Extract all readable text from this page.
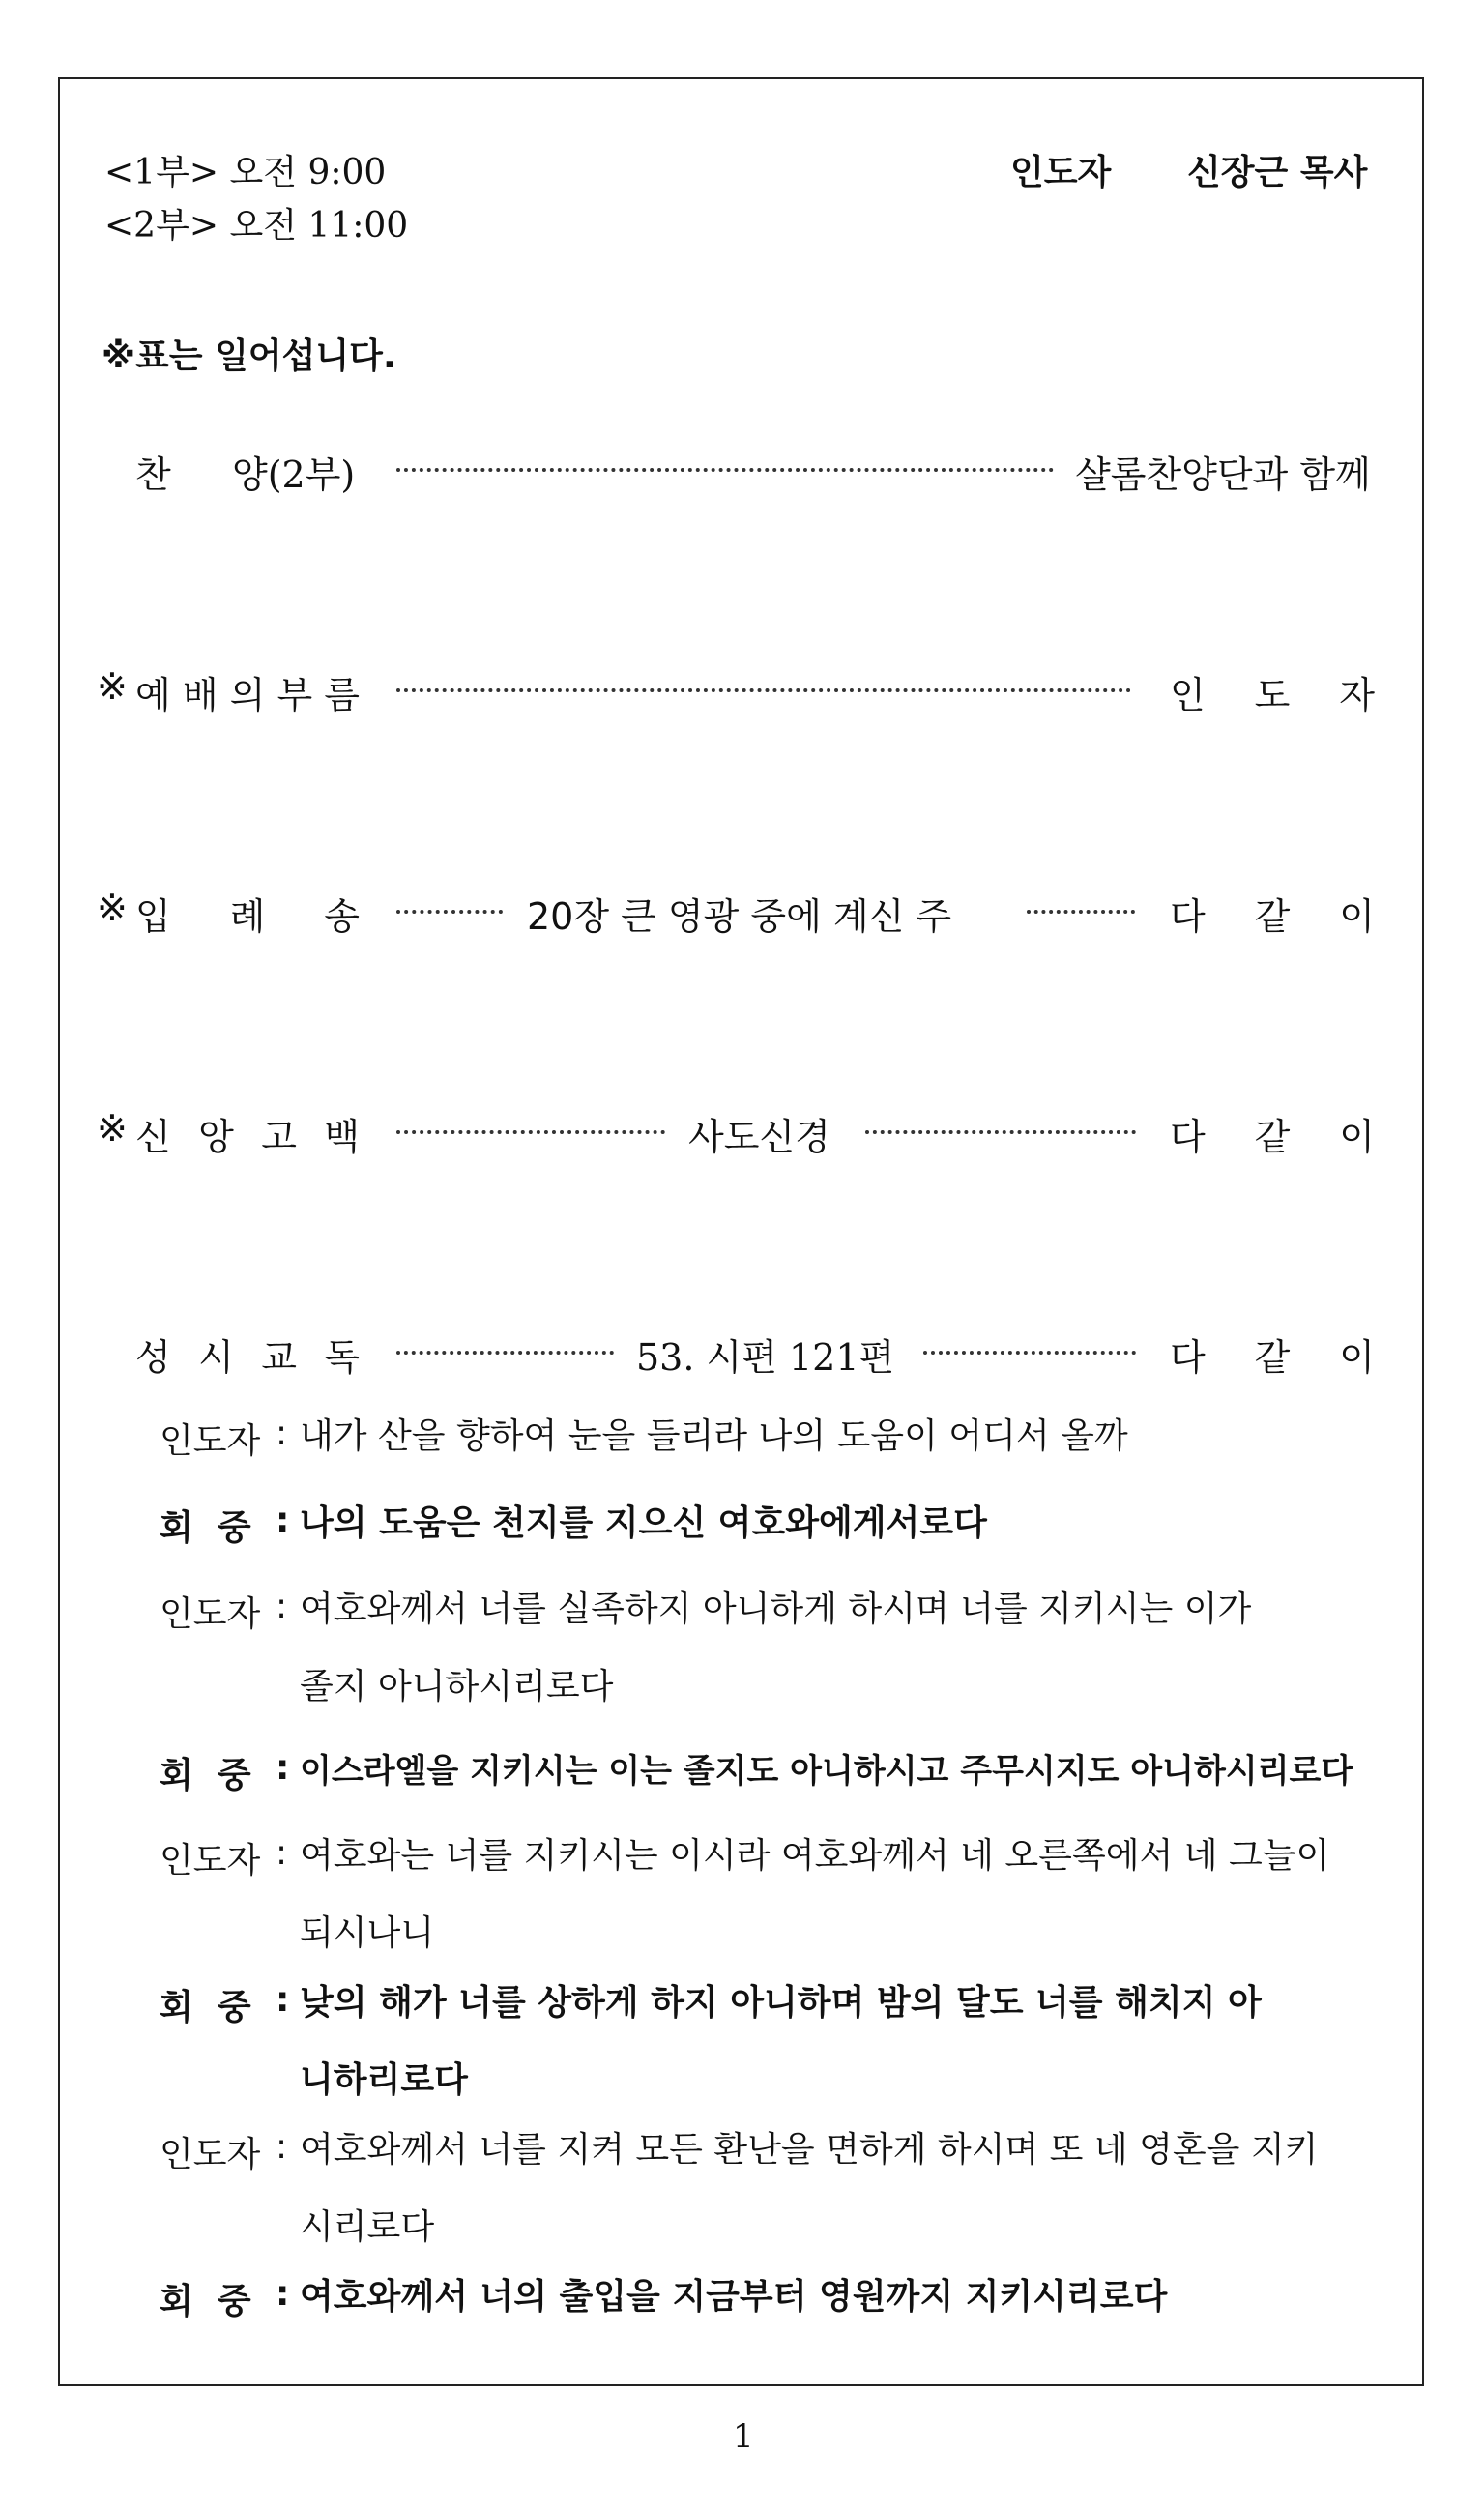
<1부> 오전 9:00
<2부> 오전 11:00
인도자 신장근 목사
※표는 일어섭니다.
찬 양(2부)	샬롬찬양단과 함께
※ 예 배 의 부 름	인 도 자
※ 입 례 송	20장 큰 영광 중에 계신 주	다 같 이
※ 신 앙 고 백	사도신경	다 같 이
성 시 교 독	53. 시편 121편	다 같 이
인도자 : 내가 산을 향하여 눈을 들리라 나의 도움이 어디서 올까
회  중 : 나의 도움은 천지를 지으신 여호와에게서로다
인도자 : 여호와께서 너를 실족하지 아니하게 하시며 너를 지키시는 이가 졸지 아니하시리로다
회  중 : 이스라엘을 지키시는 이는 졸지도 아니하시고 주무시지도 아니하시리로다
인도자 : 여호와는 너를 지키시는 이시라 여호와께서 네 오른쪽에서 네 그늘이 되시나니
회  중 : 낮의 해가 너를 상하게 하지 아니하며 밤의 달도 너를 해치지 아니하리로다
인도자 : 여호와께서 너를 지켜 모든 환난을 면하게 하시며 또 네 영혼을 지키시리로다
회  중 : 여호와께서 너의 출입을 지금부터 영원까지 지키시리로다
1
